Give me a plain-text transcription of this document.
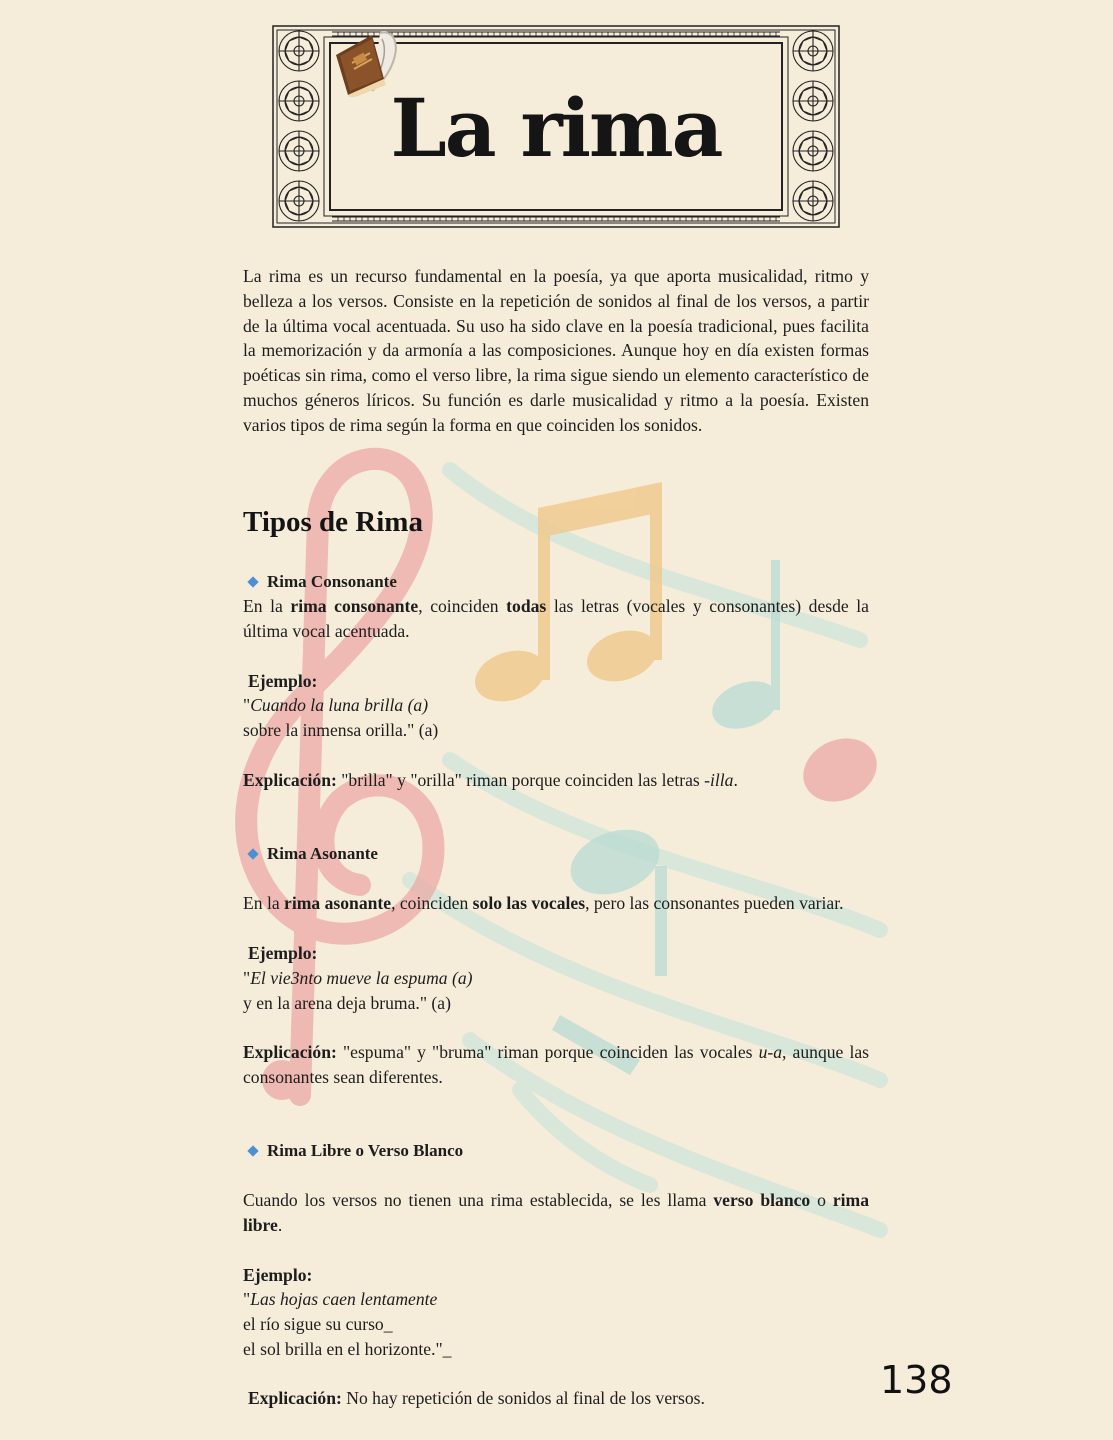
La rima

La rima es un recurso fundamental en la poesía, ya que aporta musicalidad, ritmo y belleza a los versos. Consiste en la repetición de sonidos al final de los versos, a partir de la última vocal acentuada. Su uso ha sido clave en la poesía tradicional, pues facilita la memorización y da armonía a las composiciones. Aunque hoy en día existen formas poéticas sin rima, como el verso libre, la rima sigue siendo un elemento característico de muchos géneros líricos. Su función es darle musicalidad y ritmo a la poesía. Existen varios tipos de rima según la forma en que coinciden los sonidos.

Tipos de Rima
Rima Consonante

En la rima consonante, coinciden todas las letras (vocales y consonantes) desde la última vocal acentuada.

Ejemplo:
"Cuando la luna brilla (a)
sobre la inmensa orilla." (a)
Explicación: "brilla" y "orilla" riman porque coinciden las letras -illa.
Rima Asonante

En la rima asonante, coinciden solo las vocales, pero las consonantes pueden variar.

Ejemplo:
"El vie3nto mueve la espuma (a)
y en la arena deja bruma." (a)

Explicación: "espuma" y "bruma" riman porque coinciden las vocales u-a, aunque las consonantes sean diferentes.

Rima Libre o Verso Blanco

Cuando los versos no tienen una rima establecida, se les llama verso blanco o rima libre.

Ejemplo:
"Las hojas caen lentamente
el río sigue su curso_
el sol brilla en el horizonte."_
Explicación: No hay repetición de sonidos al final de los versos.	138
